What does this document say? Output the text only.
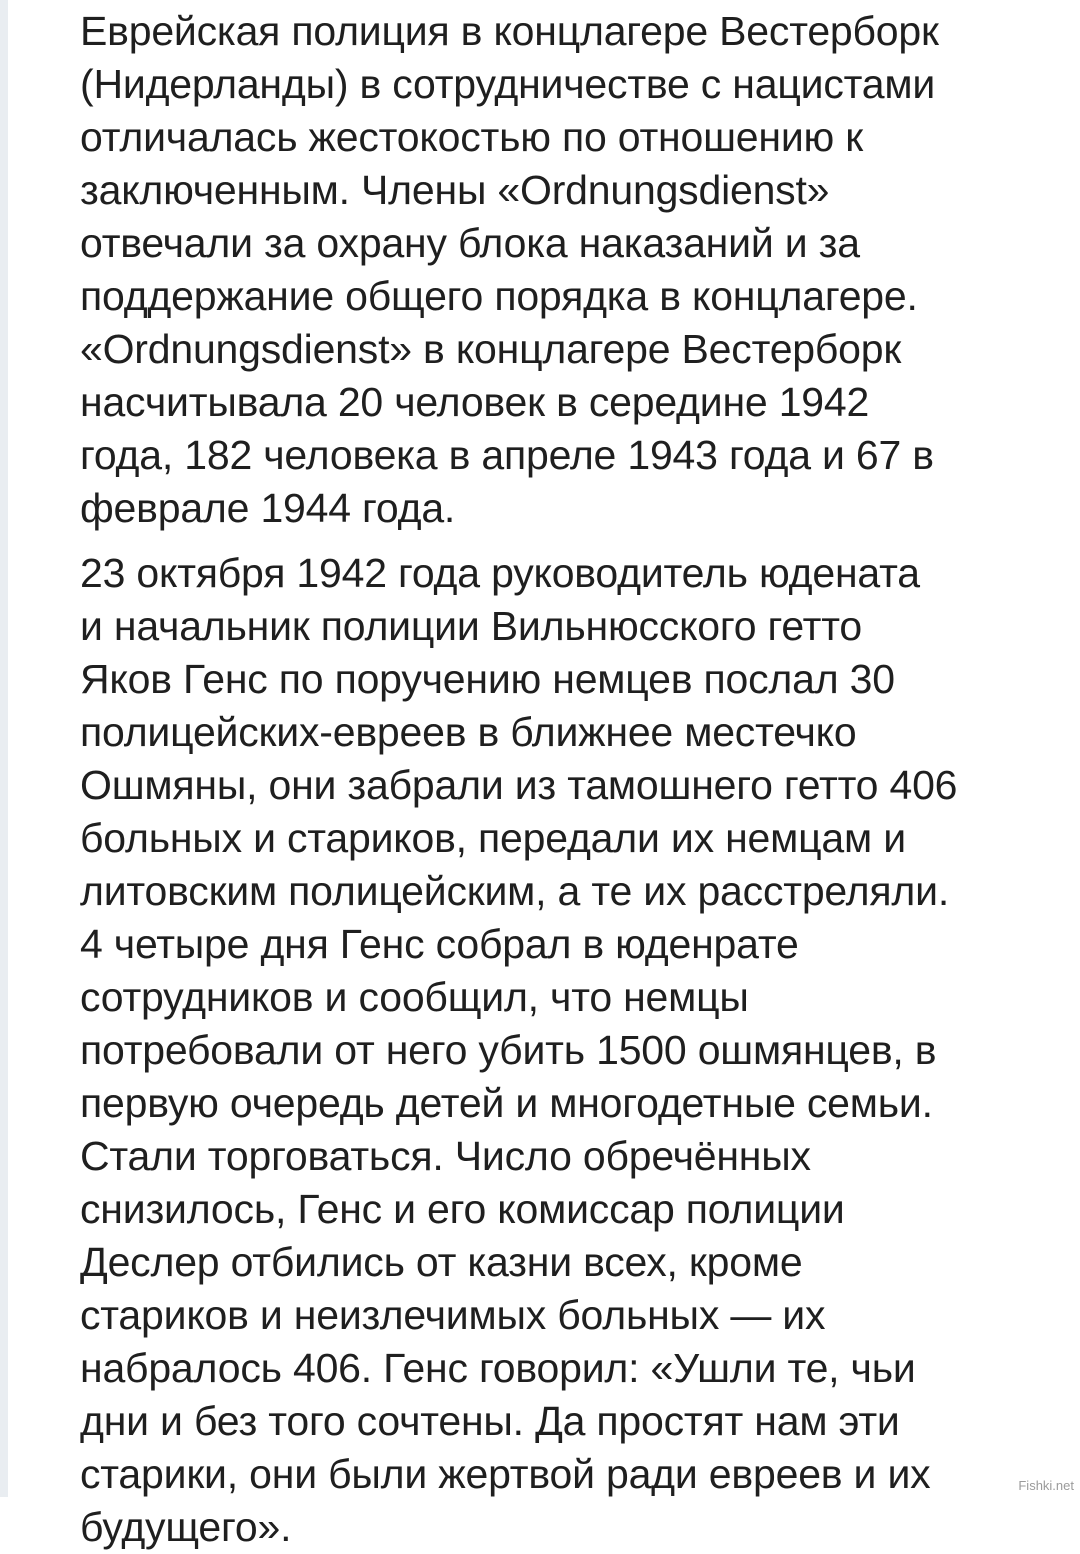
Еврейская полиция в концлагере Вестерборк
(Нидерланды) в сотрудничестве с нацистами
отличалась жестокостью по отношению к
заключенным. Члены «Ordnungsdienst»
отвечали за охрану блока наказаний и за
поддержание общего порядка в концлагере.
«Ordnungsdienst» в концлагере Вестерборк
насчитывала 20 человек в середине 1942
года, 182 человека в апреле 1943 года и 67 в
феврале 1944 года.

23 октября 1942 года руководитель юдената
и начальник полиции Вильнюсского гетто
Яков Генс по поручению немцев послал 30
полицейских-евреев в ближнее местечко
Ошмяны, они забрали из тамошнего гетто 406
больных и стариков, передали их немцам и
литовским полицейским, а те их расстреляли.
4 четыре дня Генс собрал в юденрате
сотрудников и сообщил, что немцы
потребовали от него убить 1500 ошмянцев, в
первую очередь детей и многодетные семьи.
Стали торговаться. Число обречённых
снизилось, Генс и его комиссар полиции
Деслер отбились от казни всех, кроме
стариков и неизлечимых больных — их
набралось 406. Генс говорил: «Ушли те, чьи
дни и без того сочтены. Да простят нам эти
старики, они были жертвой ради евреев и их
будущего».

Fishki.net
